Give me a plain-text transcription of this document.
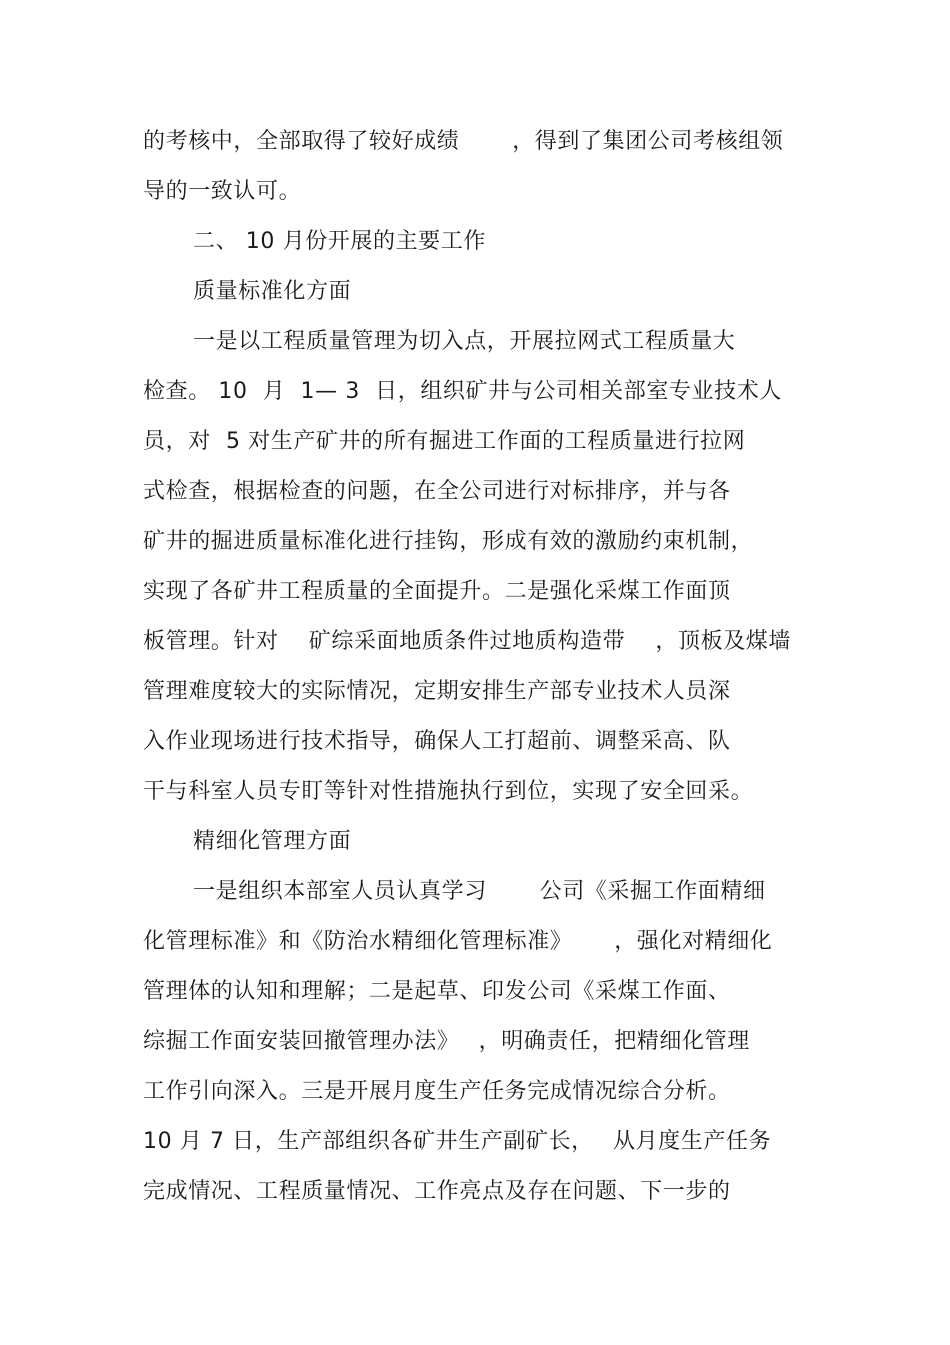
的考核中，全部取得了较好成绩　　 ，得到了集团公司考核组领
导的一致认可。
二、 10 月份开展的主要工作
质量标准化方面
一是以工程质量管理为切入点，开展拉网式工程质量大
检查。 10  月  1— 3  日，组织矿井与公司相关部室专业技术人
员，对  5 对生产矿井的所有掘进工作面的工程质量进行拉网
式检查，根据检查的问题，在全公司进行对标排序，并与各
矿井的掘进质量标准化进行挂钩，形成有效的激励约束机制，
实现了各矿井工程质量的全面提升。二是强化采煤工作面顶
板管理。针对　 矿综采面地质条件过地质构造带　 ，顶板及煤墙
管理难度较大的实际情况，定期安排生产部专业技术人员深
入作业现场进行技术指导，确保人工打超前、调整采高、队
干与科室人员专盯等针对性措施执行到位，实现了安全回采。
精细化管理方面
一是组织本部室人员认真学习　　 公司《采掘工作面精细
化管理标准》和《防治水精细化管理标准》　　 ，强化对精细化
管理体的认知和理解；二是起草、印发公司《采煤工作面、
综掘工作面安装回撤管理办法》　 ，明确责任，把精细化管理
工作引向深入。三是开展月度生产任务完成情况综合分析。
10 月 7 日，生产部组织各矿井生产副矿长，　 从月度生产任务
完成情况、工程质量情况、工作亮点及存在问题、下一步的
